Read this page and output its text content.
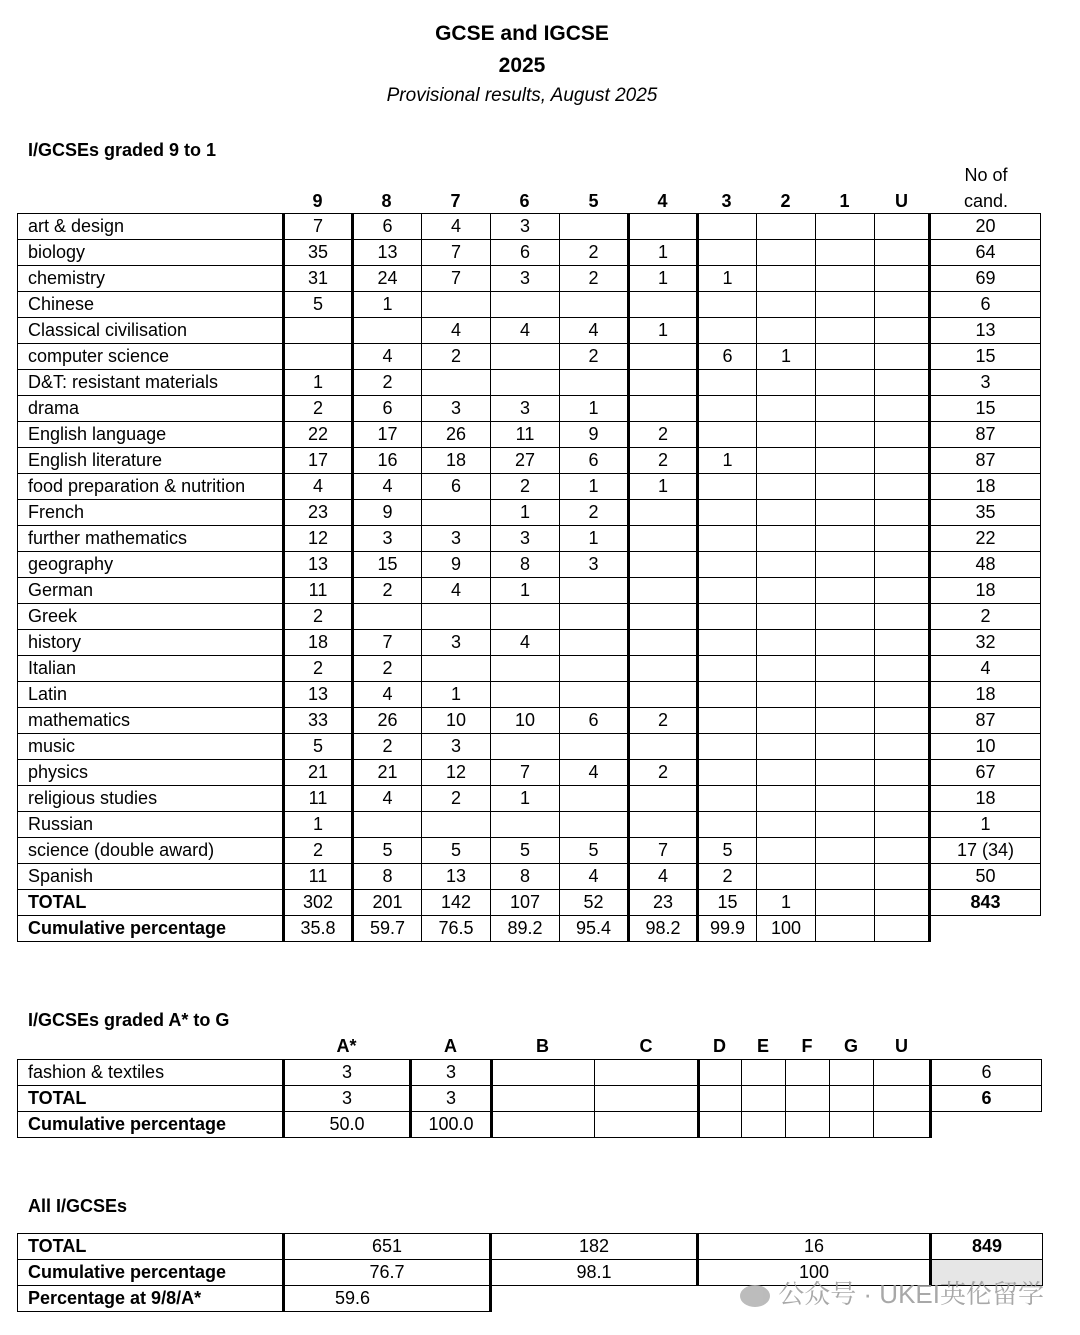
GCSE and IGCSE
2025
Provisional results, August 2025
I/GCSEs graded 9 to 1
No of
cand.
9	8	7	6	5	4	3	2	1	U
art & design	7	6	4	3							20
biology	35	13	7	6	2	1					64
chemistry	31	24	7	3	2	1	1				69
Chinese	5	1									6
Classical civilisation			4	4	4	1					13
computer science		4	2		2		6	1			15
D&T: resistant materials	1	2									3
drama	2	6	3	3	1						15
English language	22	17	26	11	9	2					87
English literature	17	16	18	27	6	2	1				87
food preparation & nutrition	4	4	6	2	1	1					18
French	23	9		1	2						35
further mathematics	12	3	3	3	1						22
geography	13	15	9	8	3						48
German	11	2	4	1							18
Greek	2										2
history	18	7	3	4							32
Italian	2	2									4
Latin	13	4	1								18
mathematics	33	26	10	10	6	2					87
music	5	2	3								10
physics	21	21	12	7	4	2					67
religious studies	11	4	2	1							18
Russian	1										1
science (double award)	2	5	5	5	5	7	5				17 (34)
Spanish	11	8	13	8	4	4	2				50
TOTAL	302	201	142	107	52	23	15	1			843
Cumulative percentage	35.8	59.7	76.5	89.2	95.4	98.2	99.9	100			
I/GCSEs graded A* to G
A*	A	B	C	D	E	F	G	U
fashion & textiles	3	3								6
TOTAL	3	3								6
Cumulative percentage	50.0	100.0								
All I/GCSEs
TOTAL	651	182	16	849
Cumulative percentage	76.7	98.1	100	
Percentage at 9/8/A*	59.6				公众号 · UKEI英伦留学
